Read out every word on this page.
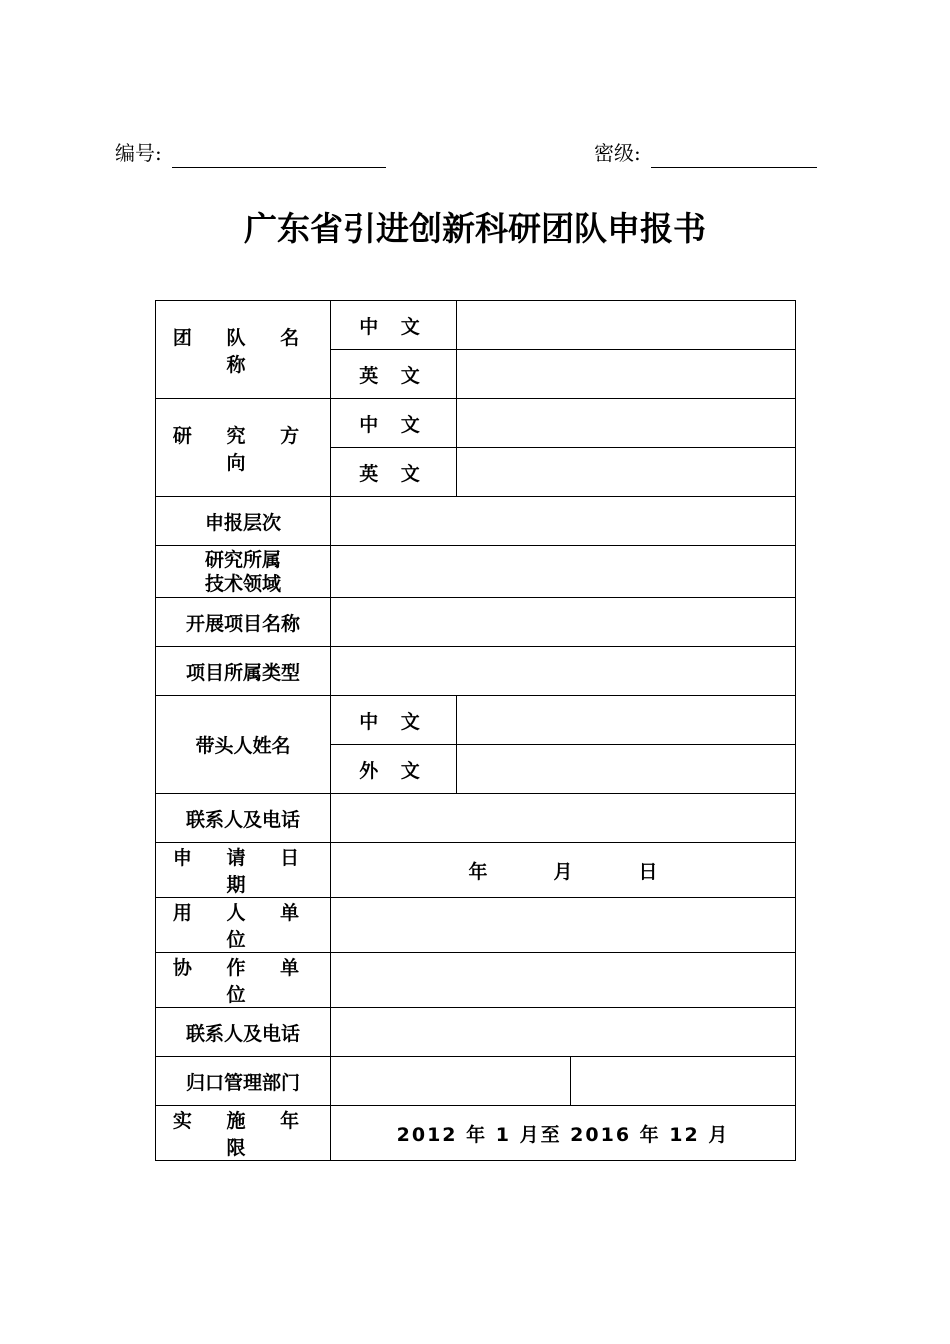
编号:	密级:
广东省引进创新科研团队申报书
团 队 名 称	中 文		
	英 文		
研 究 方 向	中 文		
	英 文		
申报层次			

研究所属
技术领域			

开展项目名称			
项目所属类型			
带头人姓名	中 文		
	外 文		
联系人及电话			
申 请 日 期	年 月 日		
用 人 单 位			
协 作 单 位			
联系人及电话			
归口管理部门			
实 施 年 限	2012 年 1 月至 2016 年 12 月		
